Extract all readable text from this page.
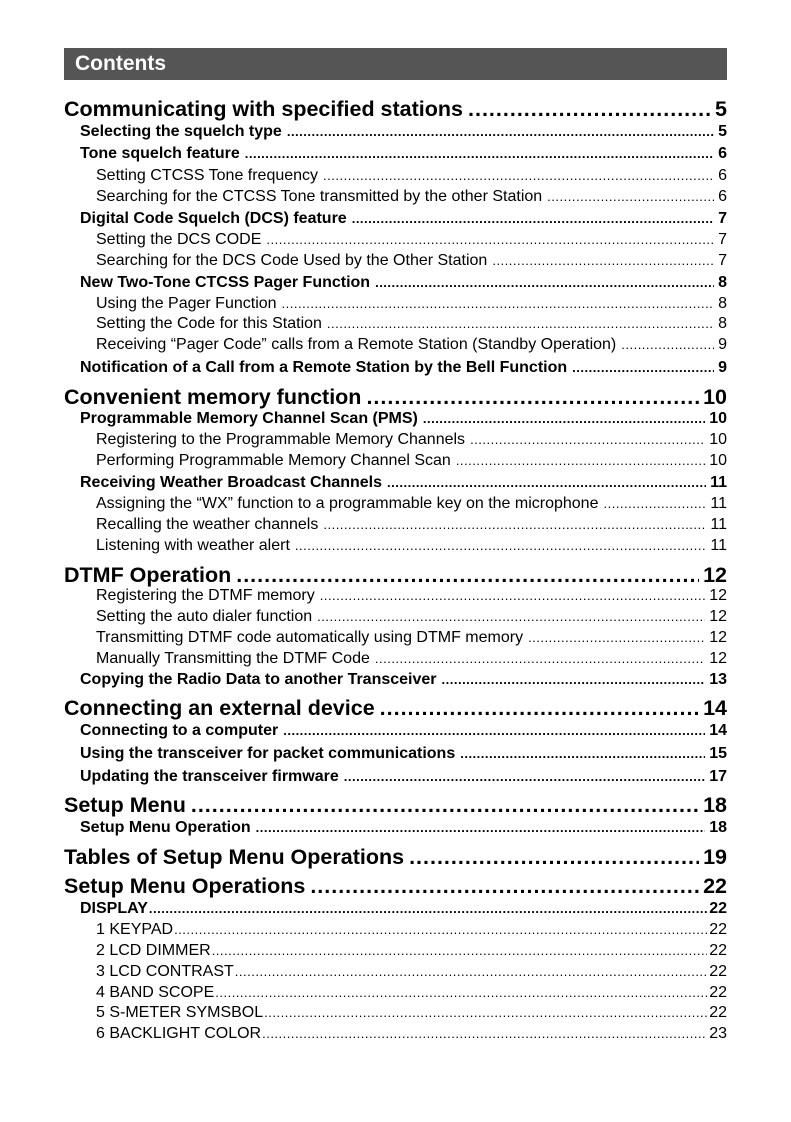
Contents
Communicating with specified stations .....	5
Selecting the squelch type .....	5
Tone squelch feature .....	6
Setting CTCSS Tone frequency .....	6
Searching for the CTCSS Tone transmitted by the other Station .....	6
Digital Code Squelch (DCS) feature .....	7
Setting the DCS CODE .....	7
Searching for the DCS Code Used by the Other Station .....	7
New Two-Tone CTCSS Pager Function .....	8
Using the Pager Function .....	8
Setting the Code for this Station .....	8
Receiving “Pager Code” calls from a Remote Station (Standby Operation) .....	9
Notification of a Call from a Remote Station by the Bell Function .....	9
Convenient memory function .....	10
Programmable Memory Channel Scan (PMS) .....	10
Registering to the Programmable Memory Channels .....	10
Performing Programmable Memory Channel Scan .....	10
Receiving Weather Broadcast Channels .....	11
Assigning the “WX” function to a programmable key on the microphone .....	11
Recalling the weather channels .....	11
Listening with weather alert .....	11
DTMF Operation .....	12
Registering the DTMF memory .....	12
Setting the auto dialer function .....	12
Transmitting DTMF code automatically using DTMF memory .....	12
Manually Transmitting the DTMF Code .....	12
Copying the Radio Data to another Transceiver .....	13
Connecting an external device .....	14
Connecting to a computer .....	14
Using the transceiver for packet communications .....	15
Updating the transceiver firmware .....	17
Setup Menu .....	18
Setup Menu Operation .....	18
Tables of Setup Menu Operations .....	19
Setup Menu Operations .....	22
DISPLAY .....	22
1 KEYPAD .....	22
2 LCD DIMMER .....	22
3 LCD CONTRAST .....	22
4 BAND SCOPE .....	22
5 S-METER SYMSBOL .....	22
6 BACKLIGHT COLOR .....	23
